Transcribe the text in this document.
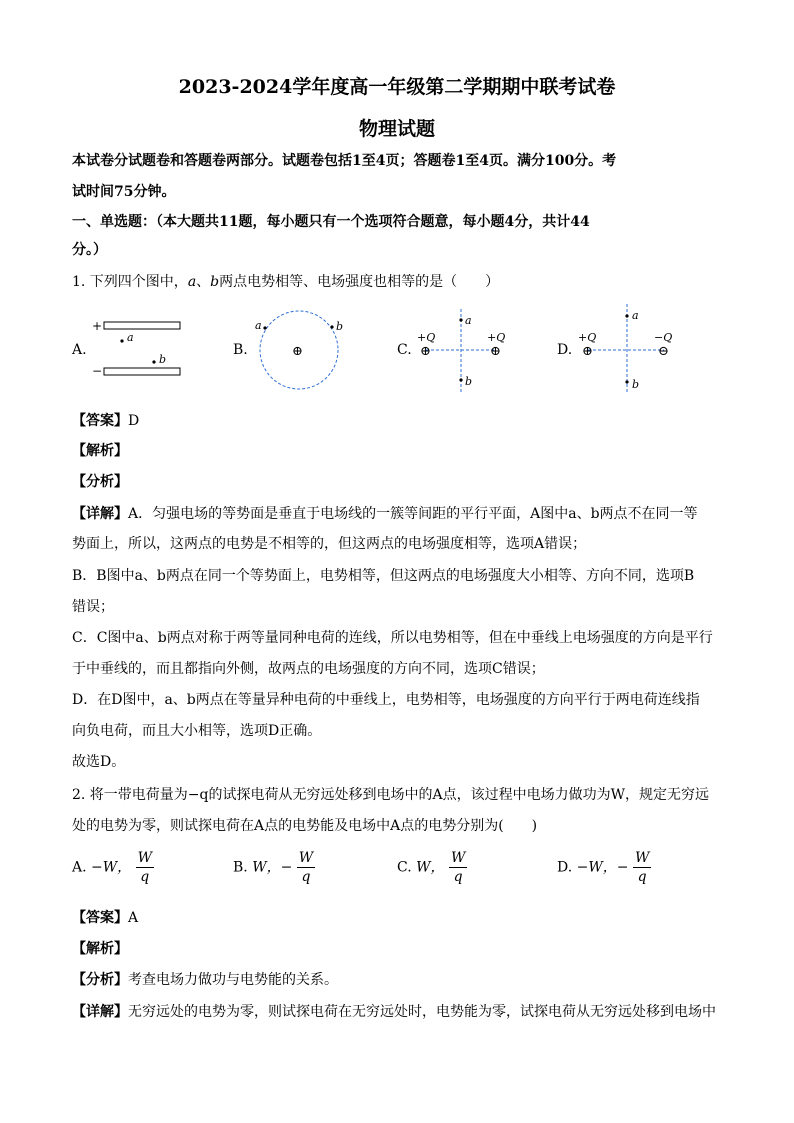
2023-2024学年度高一年级第二学期期中联考试卷
物理试题
本试卷分试题卷和答题卷两部分。试题卷包括1至4页；答题卷1至4页。满分100分。考
试时间75分钟。
一、单选题：（本大题共11题，每小题只有一个选项符合题意，每小题4分，共计44
分。）
1. 下列四个图中，a、b两点电势相等、电场强度也相等的是（　　）
A.
+
a
b
−
B.	⊕
a	b
C.
+Q
⊕
+Q
⊕
a
b
D.
+Q
⊕
−Q
⊖
a
b
【答案】D
【解析】
【分析】
【详解】A．匀强电场的等势面是垂直于电场线的一簇等间距的平行平面，A图中a、b两点不在同一等
势面上，所以，这两点的电势是不相等的，但这两点的电场强度相等，选项A错误；
B．B图中a、b两点在同一个等势面上，电势相等，但这两点的电场强度大小相等、方向不同，选项B
错误；
C．C图中a、b两点对称于两等量同种电荷的连线，所以电势相等，但在中垂线上电场强度的方向是平行
于中垂线的，而且都指向外侧，故两点的电场强度的方向不同，选项C错误；
D．在D图中，a、b两点在等量异种电荷的中垂线上，电势相等，电场强度的方向平行于两电荷连线指
向负电荷，而且大小相等，选项D正确。
故选D。
2. 将一带电荷量为−q的试探电荷从无穷远处移到电场中的A点，该过程中电场力做功为W，规定无穷远
处的电势为零，则试探电荷在A点的电势能及电场中A点的电势分别为(　　)
A. −W， $\frac{W}{q}$	B. W，− $\frac{W}{q}$	C. W， $\frac{W}{q}$	D. −W，− $\frac{W}{q}$
【答案】A
【解析】
【分析】考查电场力做功与电势能的关系。
【详解】无穷远处的电势为零，则试探电荷在无穷远处时，电势能为零，试探电荷从无穷远处移到电场中
